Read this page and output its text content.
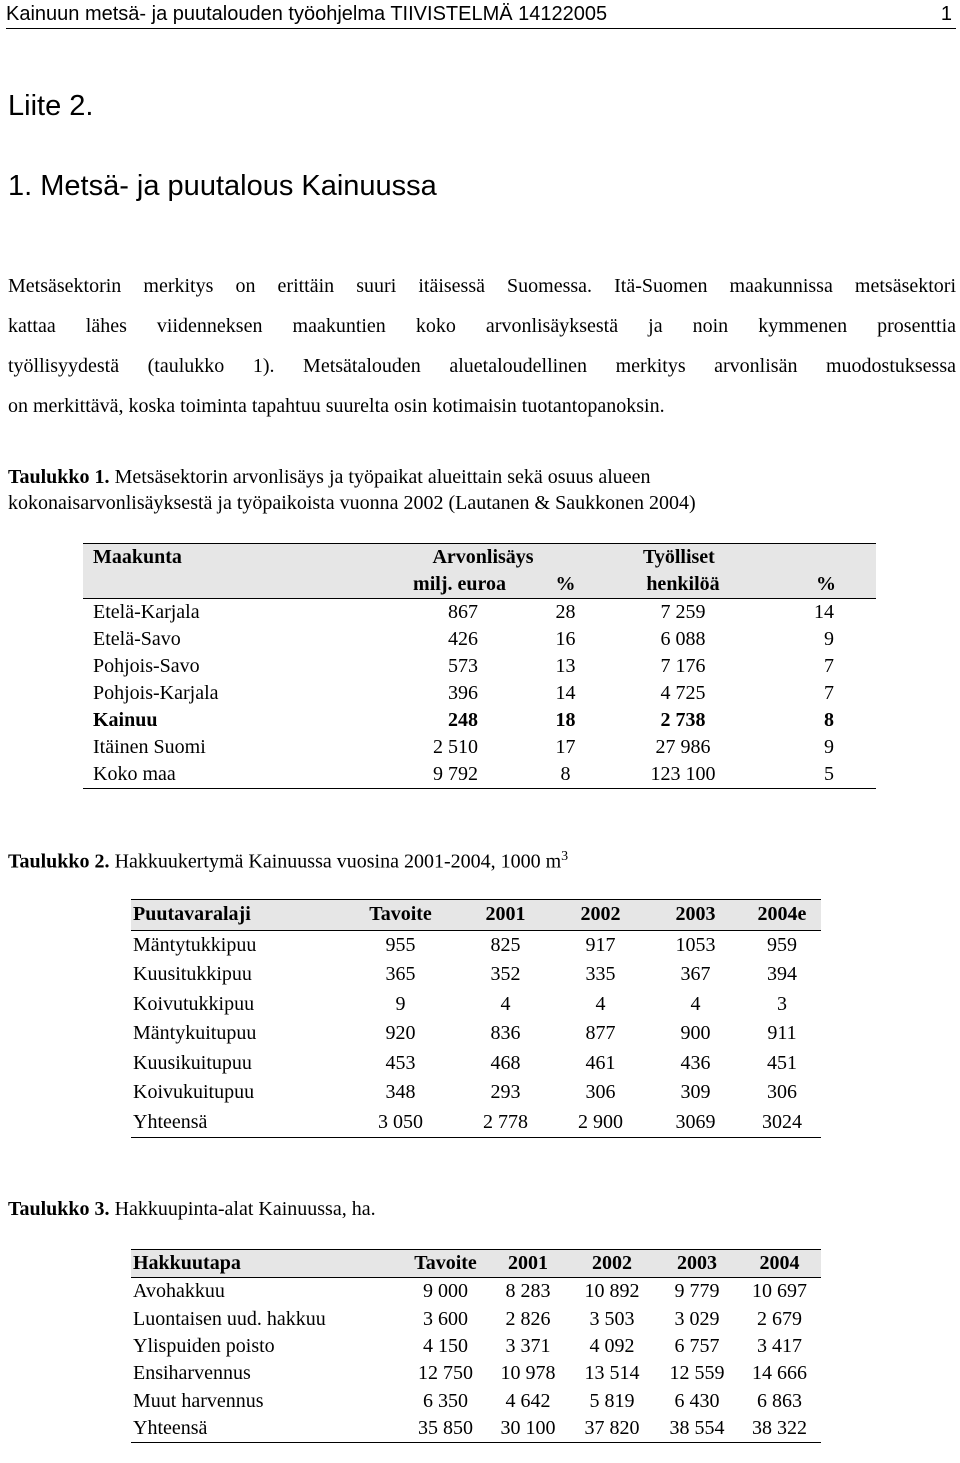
Kainuun metsä- ja puutalouden työohjelma TIIVISTELMÄ 14122005	1
Liite 2.
1. Metsä- ja puutalous Kainuussa
Metsäsektorin merkitys on erittäin suuri itäisessä Suomessa. Itä-Suomen maakunnissa metsäsektori
kattaa lähes viidenneksen maakuntien koko arvonlisäyksestä ja noin kymmenen prosenttia
työllisyydestä (taulukko 1). Metsätalouden aluetaloudellinen merkitys arvonlisän muodostuksessa
on merkittävä, koska toiminta tapahtuu suurelta osin kotimaisin tuotantopanoksin.
Taulukko 1. Metsäsektorin arvonlisäys ja työpaikat alueittain sekä osuus alueen
kokonaisarvonlisäyksestä ja työpaikoista vuonna 2002 (Lautanen & Saukkonen 2004)
Maakunta	Arvonlisäys		Työlliset	
	milj. euroa	%	henkilöä	%
Etelä-Karjala	867	28	7 259	14
Etelä-Savo	426	16	6 088	9
Pohjois-Savo	573	13	7 176	7
Pohjois-Karjala	396	14	4 725	7
Kainuu	248	18	2 738	8
Itäinen Suomi	2 510	17	27 986	9
Koko maa	9 792	8	123 100	5
Taulukko 2. Hakkuukertymä Kainuussa vuosina 2001-2004, 1000 $m^3$
Puutavaralaji	Tavoite	2001	2002	2003	2004e
Mäntytukkipuu	955	825	917	1053	959
Kuusitukkipuu	365	352	335	367	394
Koivutukkipuu	9	4	4	4	3
Mäntykuitupuu	920	836	877	900	911
Kuusikuitupuu	453	468	461	436	451
Koivukuitupuu	348	293	306	309	306
Yhteensä	3 050	2 778	2 900	3069	3024
Taulukko 3. Hakkuupinta-alat Kainuussa, ha.
Hakkuutapa	Tavoite	2001	2002	2003	2004
Avohakkuu	9 000	8 283	10 892	9 779	10 697
Luontaisen uud. hakkuu	3 600	2 826	3 503	3 029	2 679
Ylispuiden poisto	4 150	3 371	4 092	6 757	3 417
Ensiharvennus	12 750	10 978	13 514	12 559	14 666
Muut harvennus	6 350	4 642	5 819	6 430	6 863
Yhteensä	35 850	30 100	37 820	38 554	38 322
